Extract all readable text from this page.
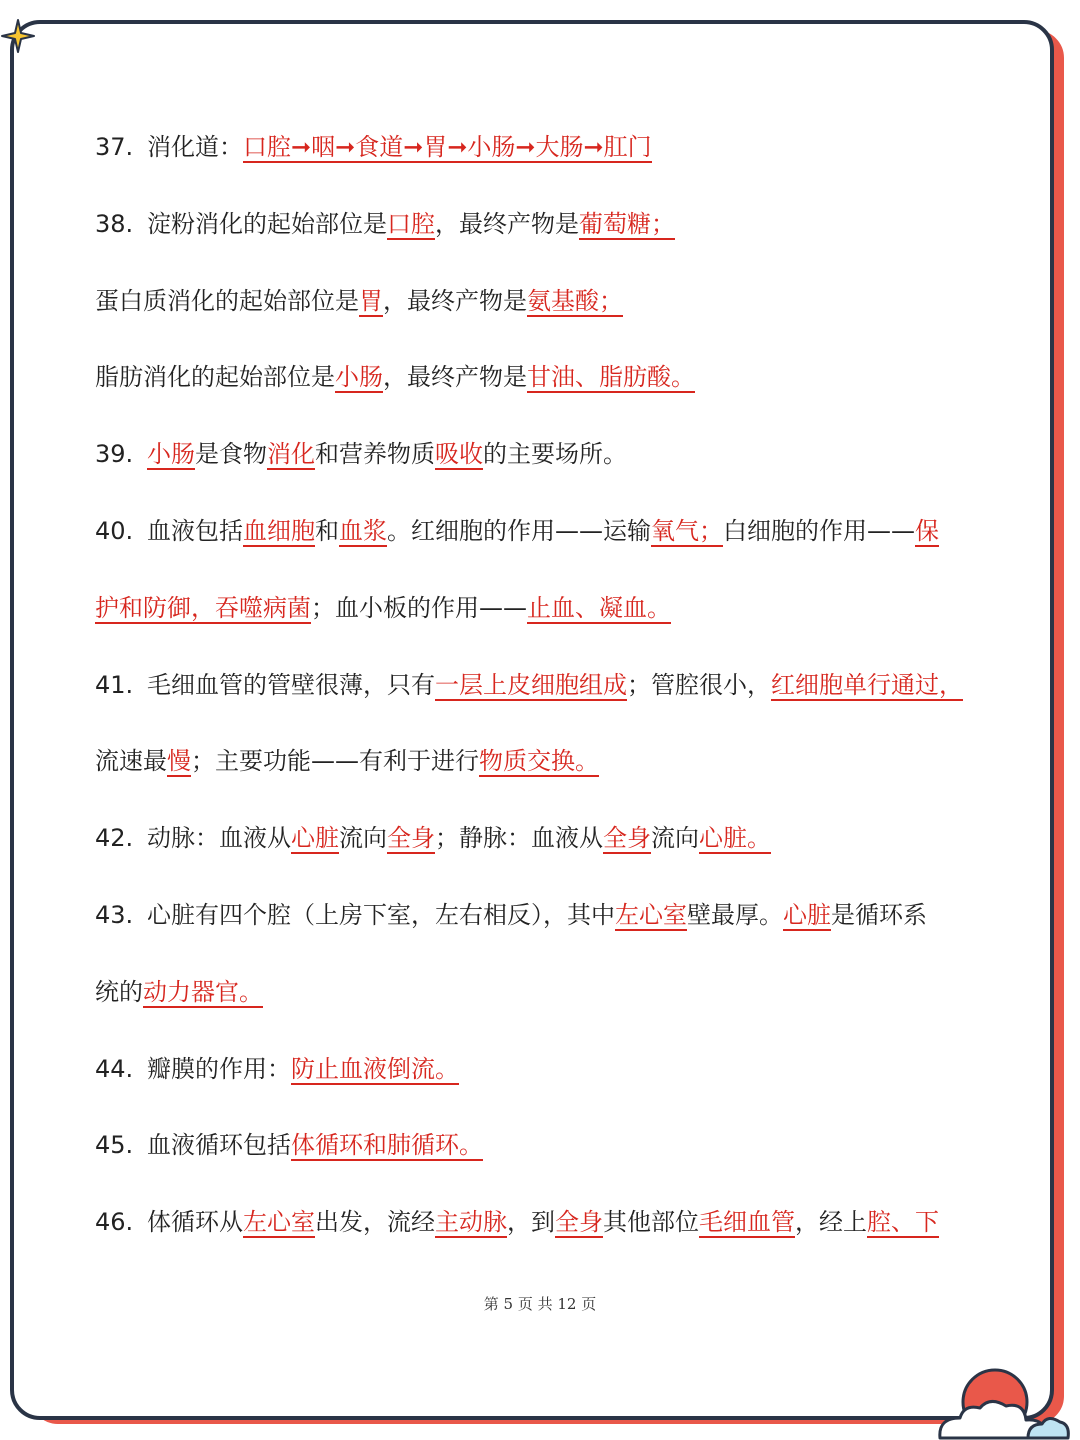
37. 消化道：口腔➞咽➞食道➞胃➞小肠➞大肠➞肛门
38. 淀粉消化的起始部位是口腔，最终产物是葡萄糖；
蛋白质消化的起始部位是胃，最终产物是氨基酸；
脂肪消化的起始部位是小肠，最终产物是甘油、脂肪酸。
39. 小肠是食物消化和营养物质吸收的主要场所。
40. 血液包括血细胞和血浆。红细胞的作用——运输氧气；白细胞的作用——保
护和防御，吞噬病菌；血小板的作用——止血、凝血。
41. 毛细血管的管壁很薄，只有一层上皮细胞组成；管腔很小，红细胞单行通过，
流速最慢；主要功能——有利于进行物质交换。
42. 动脉：血液从心脏流向全身；静脉：血液从全身流向心脏。
43. 心脏有四个腔（上房下室，左右相反），其中左心室壁最厚。心脏是循环系
统的动力器官。
44. 瓣膜的作用：防止血液倒流。
45. 血液循环包括体循环和肺循环。
46. 体循环从左心室出发，流经主动脉，到全身其他部位毛细血管，经上腔、下
第 5 页 共 12 页
